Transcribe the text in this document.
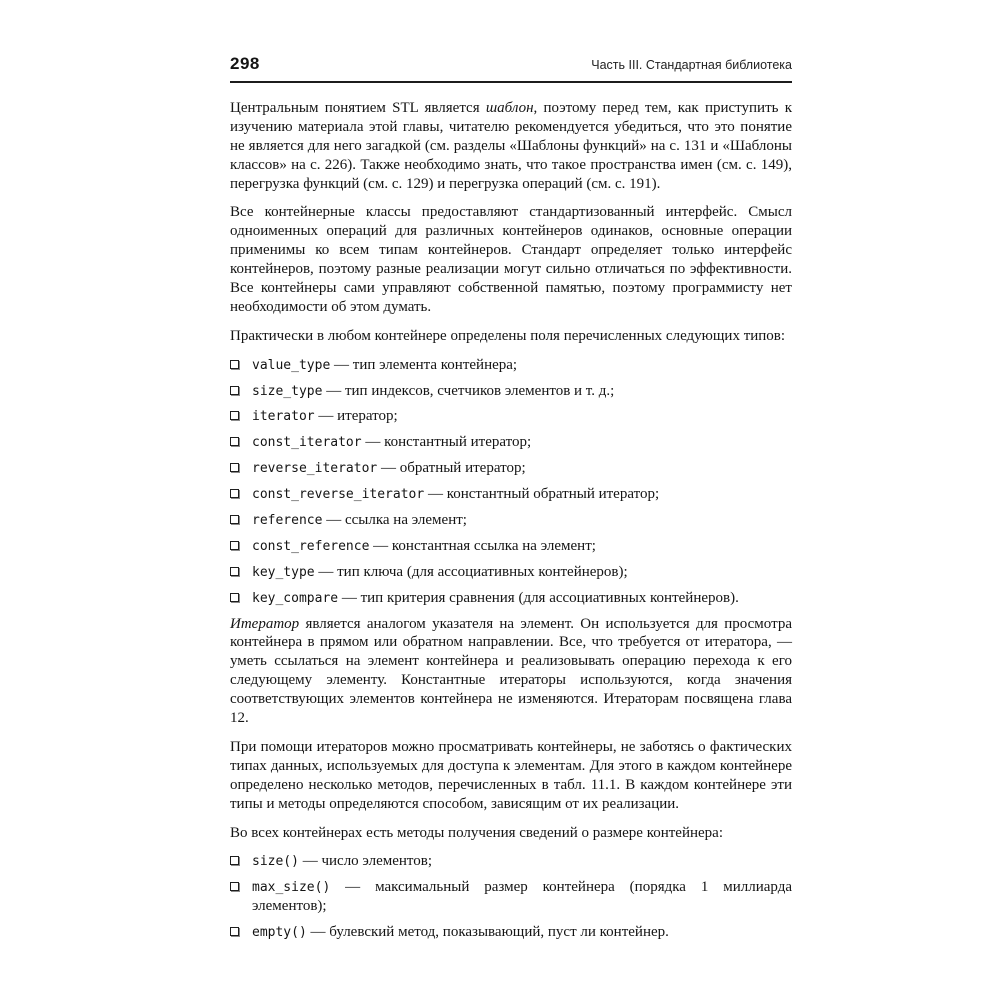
298	Часть III. Стандартная библиотека

Центральным понятием STL является шаблон, поэтому перед тем, как приступить к изучению материала этой главы, читателю рекомендуется убедиться, что это понятие не является для него загадкой (см. разделы «Шаблоны функций» на с. 131 и «Шаблоны классов» на с. 226). Также необходимо знать, что такое пространства имен (см. с. 149), перегрузка функций (см. с. 129) и перегрузка операций (см. с. 191).

Все контейнерные классы предоставляют стандартизованный интерфейс. Смысл одноименных операций для различных контейнеров одинаков, основные операции применимы ко всем типам контейнеров. Стандарт определяет только интерфейс контейнеров, поэтому разные реализации могут сильно отличаться по эффективности. Все контейнеры сами управляют собственной памятью, поэтому программисту нет необходимости об этом думать.

Практически в любом контейнере определены поля перечисленных следующих типов:

value_type — тип элемента контейнера;
size_type — тип индексов, счетчиков элементов и т. д.;
iterator — итератор;
const_iterator — константный итератор;
reverse_iterator — обратный итератор;
const_reverse_iterator — константный обратный итератор;
reference — ссылка на элемент;
const_reference — константная ссылка на элемент;
key_type — тип ключа (для ассоциативных контейнеров);
key_compare — тип критерия сравнения (для ассоциативных контейнеров).

Итератор является аналогом указателя на элемент. Он используется для просмотра контейнера в прямом или обратном направлении. Все, что требуется от итератора, — уметь ссылаться на элемент контейнера и реализовывать операцию перехода к его следующему элементу. Константные итераторы используются, когда значения соответствующих элементов контейнера не изменяются. Итераторам посвящена глава 12.

При помощи итераторов можно просматривать контейнеры, не заботясь о фактических типах данных, используемых для доступа к элементам. Для этого в каждом контейнере определено несколько методов, перечисленных в табл. 11.1. В каждом контейнере эти типы и методы определяются способом, зависящим от их реализации.

Во всех контейнерах есть методы получения сведений о размере контейнера:

size() — число элементов;
max_size() — максимальный размер контейнера (порядка 1 миллиарда элементов);
empty() — булевский метод, показывающий, пуст ли контейнер.
